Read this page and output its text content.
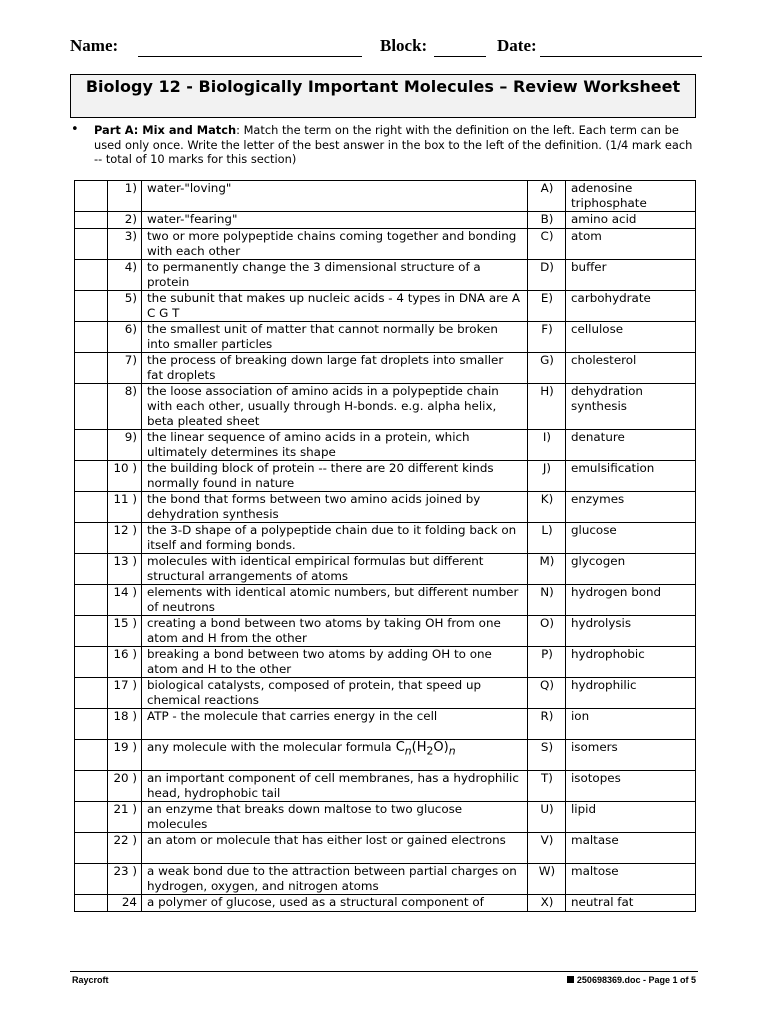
Name:	Block:	Date:
Biology 12 - Biologically Important Molecules – Review Worksheet
• Part A: Mix and Match: Match the term on the right with the definition on the left. Each term can be used only once. Write the letter of the best answer in the box to the left of the definition. (1/4 mark each -- total of 10 marks for this section)
	1)	water-"loving"	A)	adenosine triphosphate
	2)	water-"fearing"	B)	amino acid
	3)	two or more polypeptide chains coming together and bonding with each other	C)	atom
	4)	to permanently change the 3 dimensional structure of a protein	D)	buffer
	5)	the subunit that makes up nucleic acids - 4 types in DNA are A C G T	E)	carbohydrate
	6)	the smallest unit of matter that cannot normally be broken into smaller particles	F)	cellulose
	7)	the process of breaking down large fat droplets into smaller fat droplets	G)	cholesterol
	8)	the loose association of amino acids in a polypeptide chain with each other, usually through H-bonds. e.g. alpha helix, beta pleated sheet	H)	dehydration synthesis
	9)	the linear sequence of amino acids in a protein, which ultimately determines its shape	I)	denature
	10 )	the building block of protein -- there are 20 different kinds normally found in nature	J)	emulsification
	11 )	the bond that forms between two amino acids joined by dehydration synthesis	K)	enzymes
	12 )	the 3-D shape of a polypeptide chain due to it folding back on itself and forming bonds.	L)	glucose
	13 )	molecules with identical empirical formulas but different structural arrangements of atoms	M)	glycogen
	14 )	elements with identical atomic numbers, but different number of neutrons	N)	hydrogen bond
	15 )	creating a bond between two atoms by taking OH from one atom and H from the other	O)	hydrolysis
	16 )	breaking a bond between two atoms by adding OH to one atom and H to the other	P)	hydrophobic
	17 )	biological catalysts, composed of protein, that speed up chemical reactions	Q)	hydrophilic
	18 )	ATP - the molecule that carries energy in the cell	R)	ion
	19 )	any molecule with the molecular formula $C_n(H_2O)_n$	S)	isomers
	20 )	an important component of cell membranes, has a hydrophilic head, hydrophobic tail	T)	isotopes
	21 )	an enzyme that breaks down maltose to two glucose molecules	U)	lipid
	22 )	an atom or molecule that has either lost or gained electrons	V)	maltase
	23 )	a weak bond due to the attraction between partial charges on hydrogen, oxygen, and nitrogen atoms	W)	maltose
	24	a polymer of glucose, used as a structural component of	X)	neutral fat
Raycroft	250698369.doc - Page 1 of 5
